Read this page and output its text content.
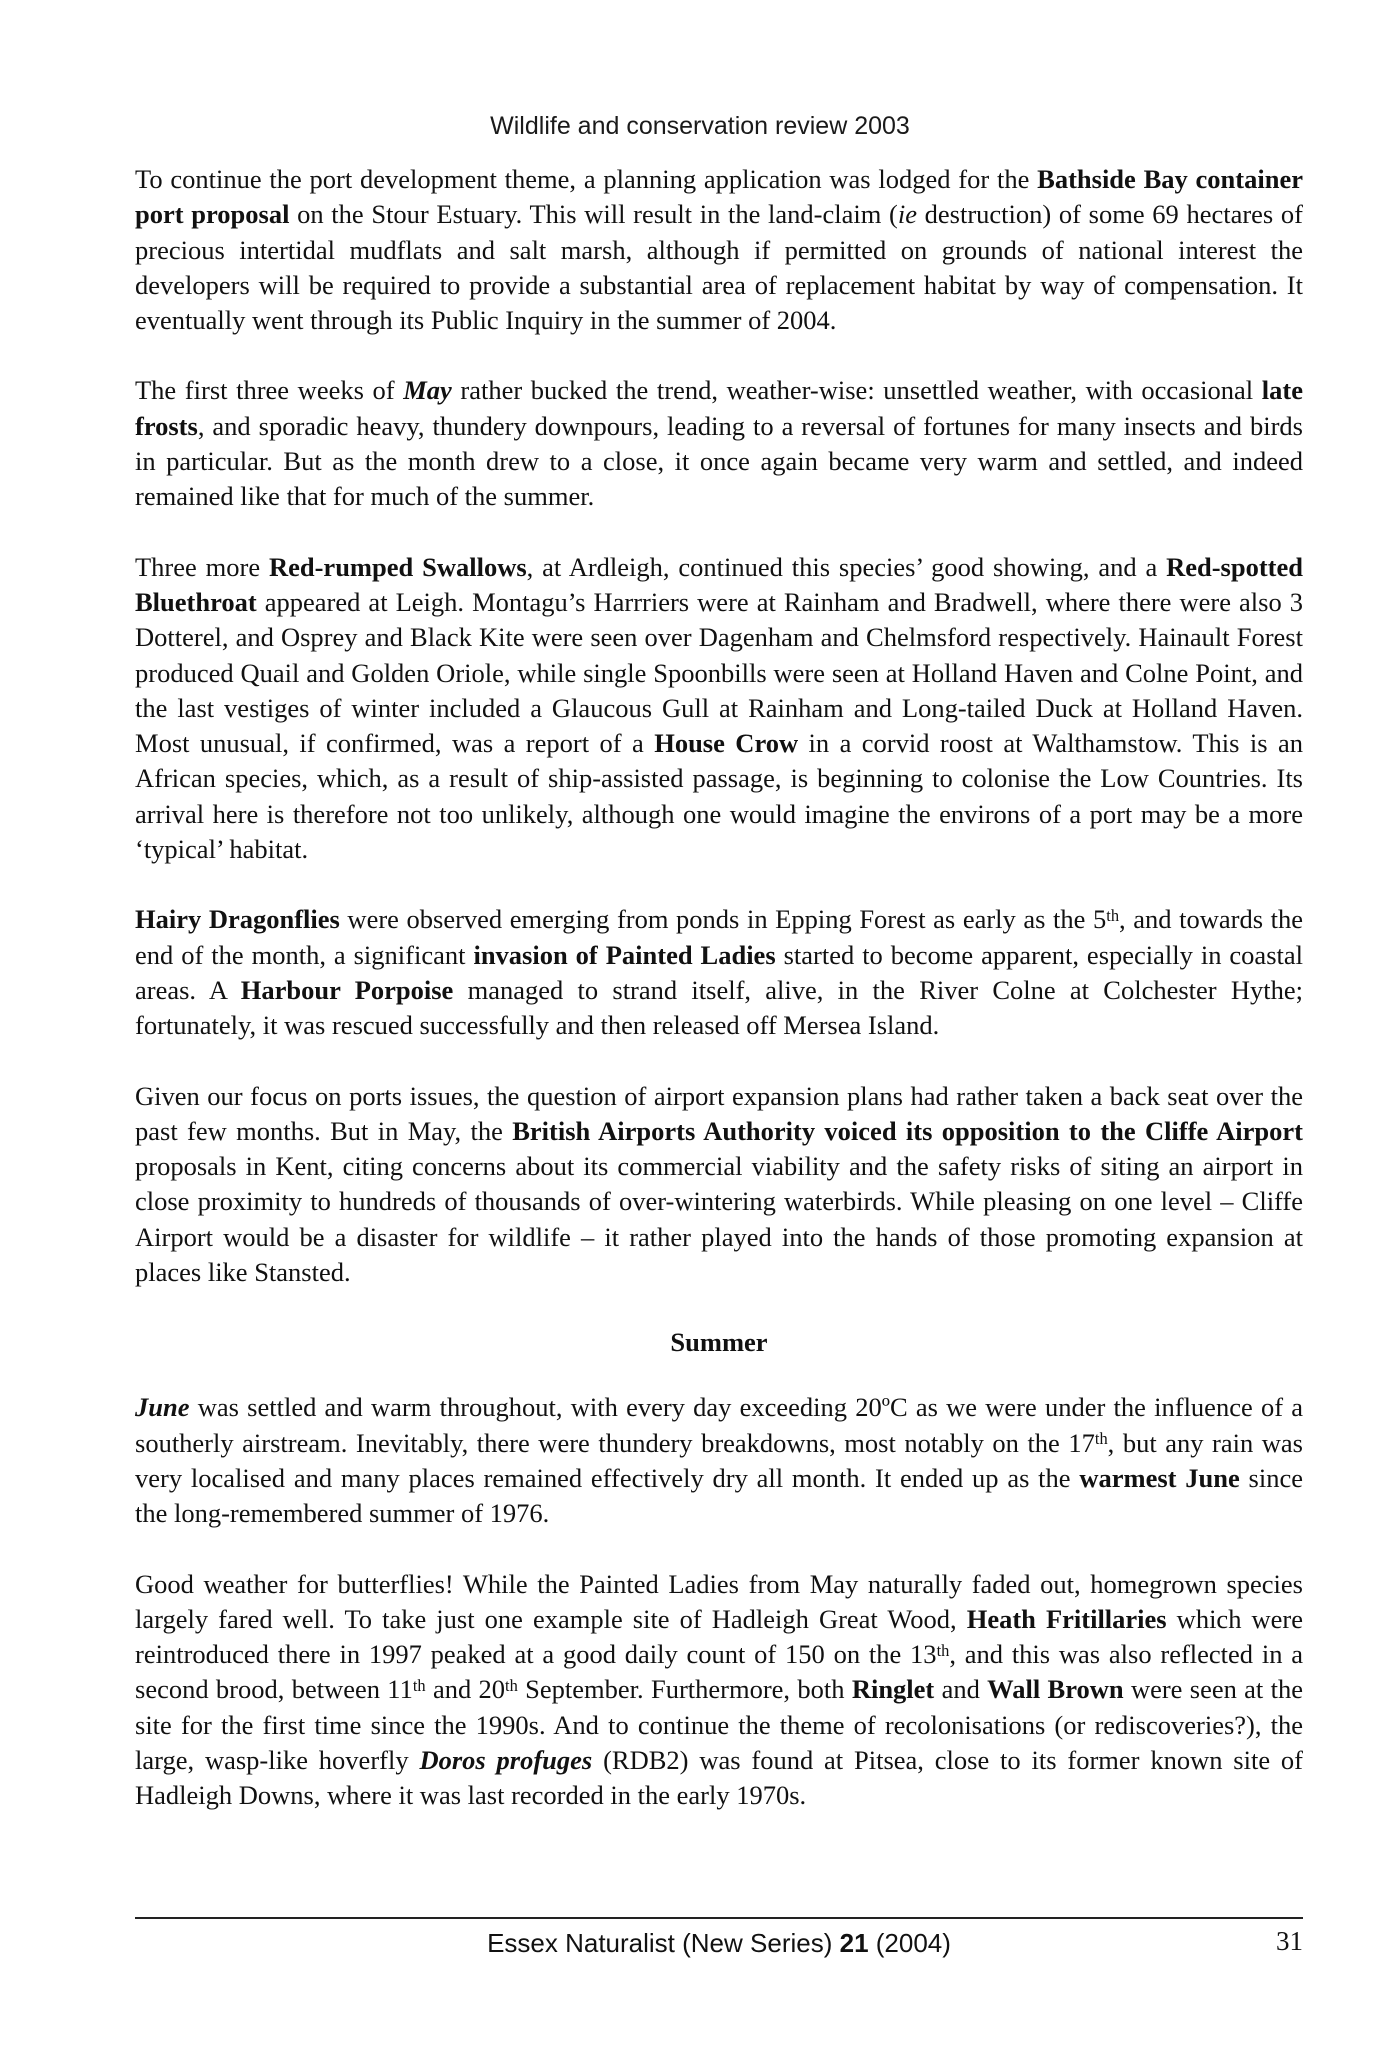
Wildlife and conservation review 2003

To continue the port development theme, a planning application was lodged for the Bathside Bay container port proposal on the Stour Estuary. This will result in the land-claim (ie destruction) of some 69 hectares of precious intertidal mudflats and salt marsh, although if permitted on grounds of national interest the developers will be required to provide a substantial area of replacement habitat by way of compensation. It eventually went through its Public Inquiry in the summer of 2004.

The first three weeks of May rather bucked the trend, weather-wise: unsettled weather, with occasional late frosts, and sporadic heavy, thundery downpours, leading to a reversal of fortunes for many insects and birds in particular. But as the month drew to a close, it once again became very warm and settled, and indeed remained like that for much of the summer.

Three more Red-rumped Swallows, at Ardleigh, continued this species’ good showing, and a Red-spotted Bluethroat appeared at Leigh. Montagu’s Harrriers were at Rainham and Bradwell, where there were also 3 Dotterel, and Osprey and Black Kite were seen over Dagenham and Chelmsford respectively. Hainault Forest produced Quail and Golden Oriole, while single Spoonbills were seen at Holland Haven and Colne Point, and the last vestiges of winter included a Glaucous Gull at Rainham and Long-tailed Duck at Holland Haven. Most unusual, if confirmed, was a report of a House Crow in a corvid roost at Walthamstow. This is an African species, which, as a result of ship-assisted passage, is beginning to colonise the Low Countries. Its arrival here is therefore not too unlikely, although one would imagine the environs of a port may be a more ‘typical’ habitat.

Hairy Dragonflies were observed emerging from ponds in Epping Forest as early as the 5th, and towards the end of the month, a significant invasion of Painted Ladies started to become apparent, especially in coastal areas. A Harbour Porpoise managed to strand itself, alive, in the River Colne at Colchester Hythe; fortunately, it was rescued successfully and then released off Mersea Island.

Given our focus on ports issues, the question of airport expansion plans had rather taken a back seat over the past few months. But in May, the British Airports Authority voiced its opposition to the Cliffe Airport proposals in Kent, citing concerns about its commercial viability and the safety risks of siting an airport in close proximity to hundreds of thousands of over-wintering waterbirds. While pleasing on one level – Cliffe Airport would be a disaster for wildlife – it rather played into the hands of those promoting expansion at places like Stansted.

Summer

June was settled and warm throughout, with every day exceeding 20ºC as we were under the influence of a southerly airstream. Inevitably, there were thundery breakdowns, most notably on the 17th, but any rain was very localised and many places remained effectively dry all month. It ended up as the warmest June since the long-remembered summer of 1976.

Good weather for butterflies! While the Painted Ladies from May naturally faded out, homegrown species largely fared well. To take just one example site of Hadleigh Great Wood, Heath Fritillaries which were reintroduced there in 1997 peaked at a good daily count of 150 on the 13th, and this was also reflected in a second brood, between 11th and 20th September. Furthermore, both Ringlet and Wall Brown were seen at the site for the first time since the 1990s. And to continue the theme of recolonisations (or rediscoveries?), the large, wasp-like hoverfly Doros profuges (RDB2) was found at Pitsea, close to its former known site of Hadleigh Downs, where it was last recorded in the early 1970s.

Essex Naturalist (New Series) 21 (2004)	31
